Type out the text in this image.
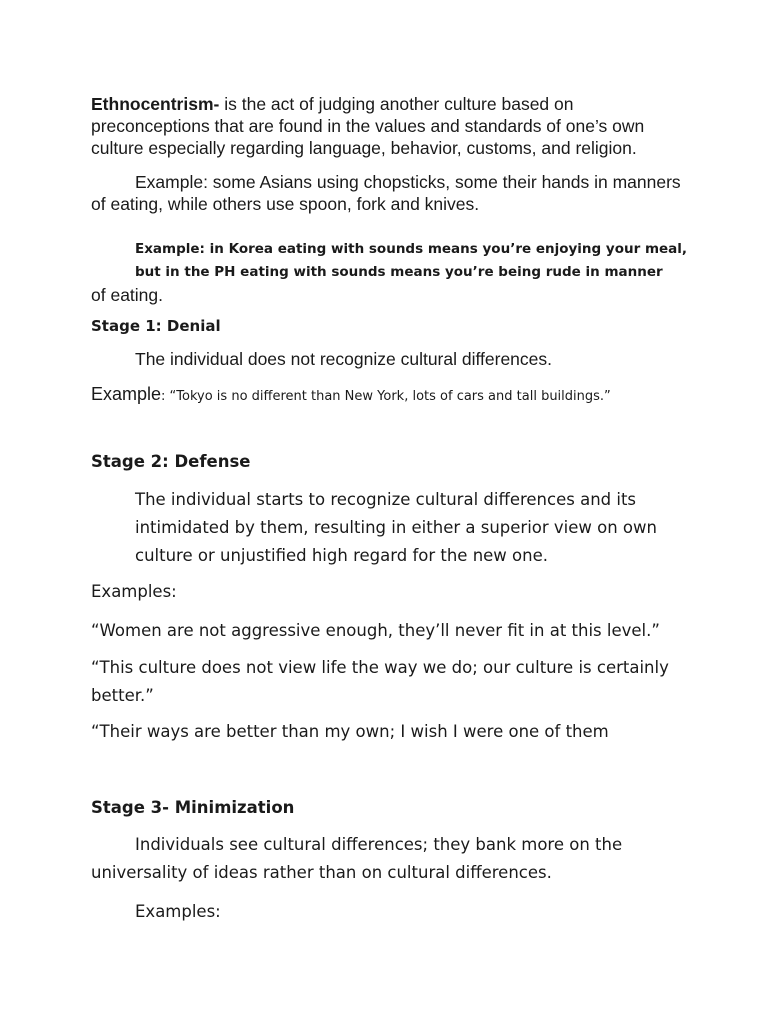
Ethnocentrism- is the act of judging another culture based on preconceptions that are found in the values and standards of one’s own culture especially regarding language, behavior, customs, and religion.

Example: some Asians using chopsticks, some their hands in manners of eating, while others use spoon, fork and knives.

Example: in Korea eating with sounds means you’re enjoying your meal, but in the PH eating with sounds means you’re being rude in manner of eating.

Stage 1: Denial

The individual does not recognize cultural differences.

Example: “Tokyo is no different than New York, lots of cars and tall buildings.”

Stage 2: Defense

The individual starts to recognize cultural differences and its intimidated by them, resulting in either a superior view on own culture or unjustified high regard for the new one.

Examples:

“Women are not aggressive enough, they’ll never fit in at this level.”

“This culture does not view life the way we do; our culture is certainly better.”

“Their ways are better than my own; I wish I were one of them

Stage 3- Minimization

Individuals see cultural differences; they bank more on the universality of ideas rather than on cultural differences.

Examples:
